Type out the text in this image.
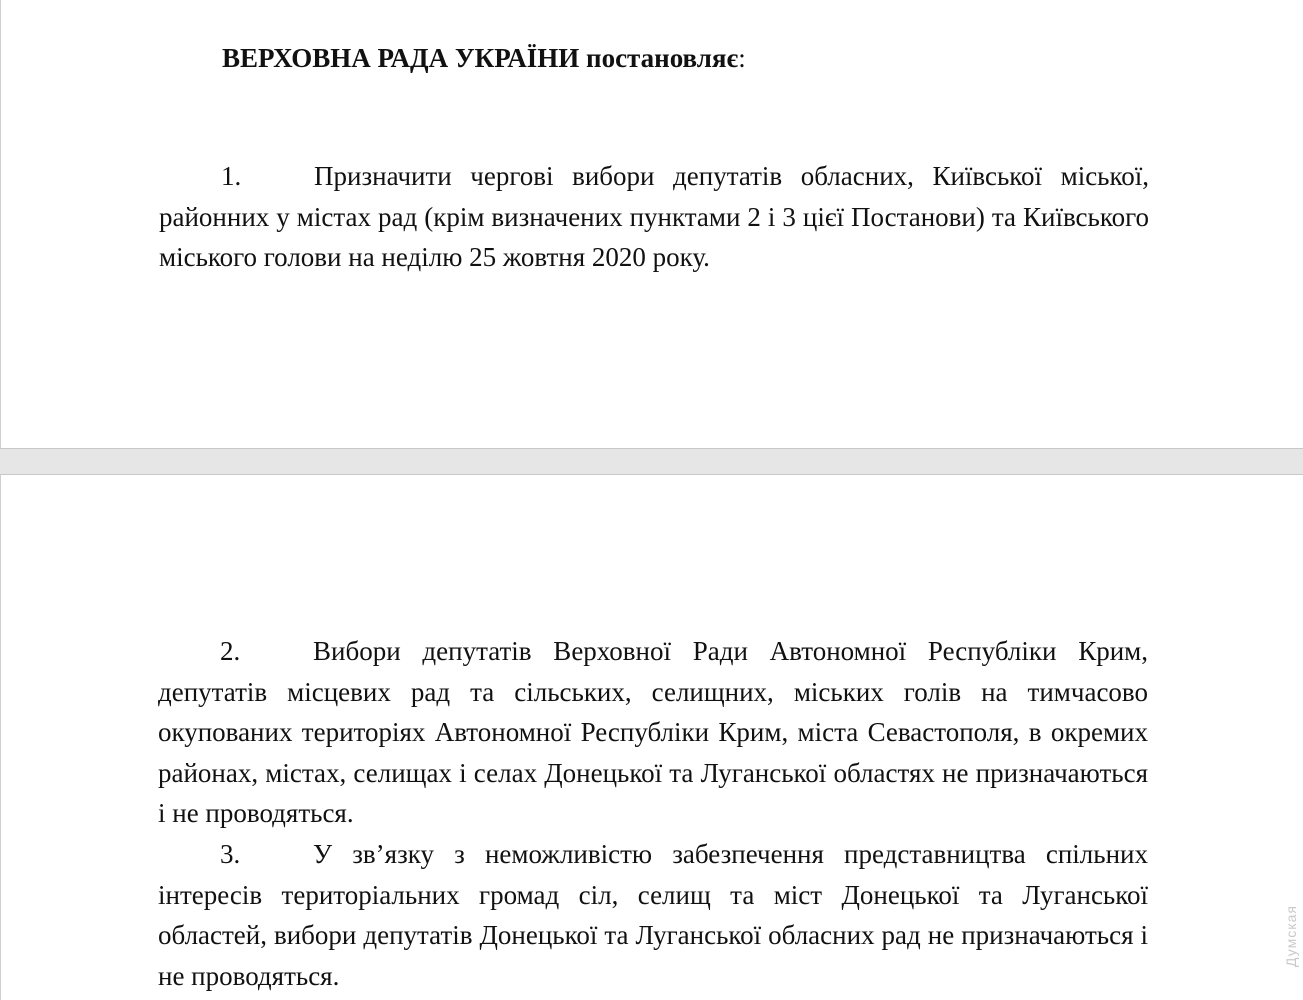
ВЕРХОВНА РАДА УКРАЇНИ постановляє:
1.	Призначити чергові вибори депутатів обласних, Київської міської, районних у містах рад (крім визначених пунктами 2 і 3 цієї Постанови) та Київського міського голови на неділю 25 жовтня 2020 року.
2.	Вибори депутатів Верховної Ради Автономної Республіки Крим, депутатів місцевих рад та сільських, селищних, міських голів на тимчасово окупованих територіях Автономної Республіки Крим, міста Севастополя, в окремих районах, містах, селищах і селах Донецької та Луганської областях не призначаються і не проводяться.
3.	У зв’язку з неможливістю забезпечення представництва спільних інтересів територіальних громад сіл, селищ та міст Донецької та Луганської областей, вибори депутатів Донецької та Луганської обласних рад не призначаються і не проводяться.
Думская
